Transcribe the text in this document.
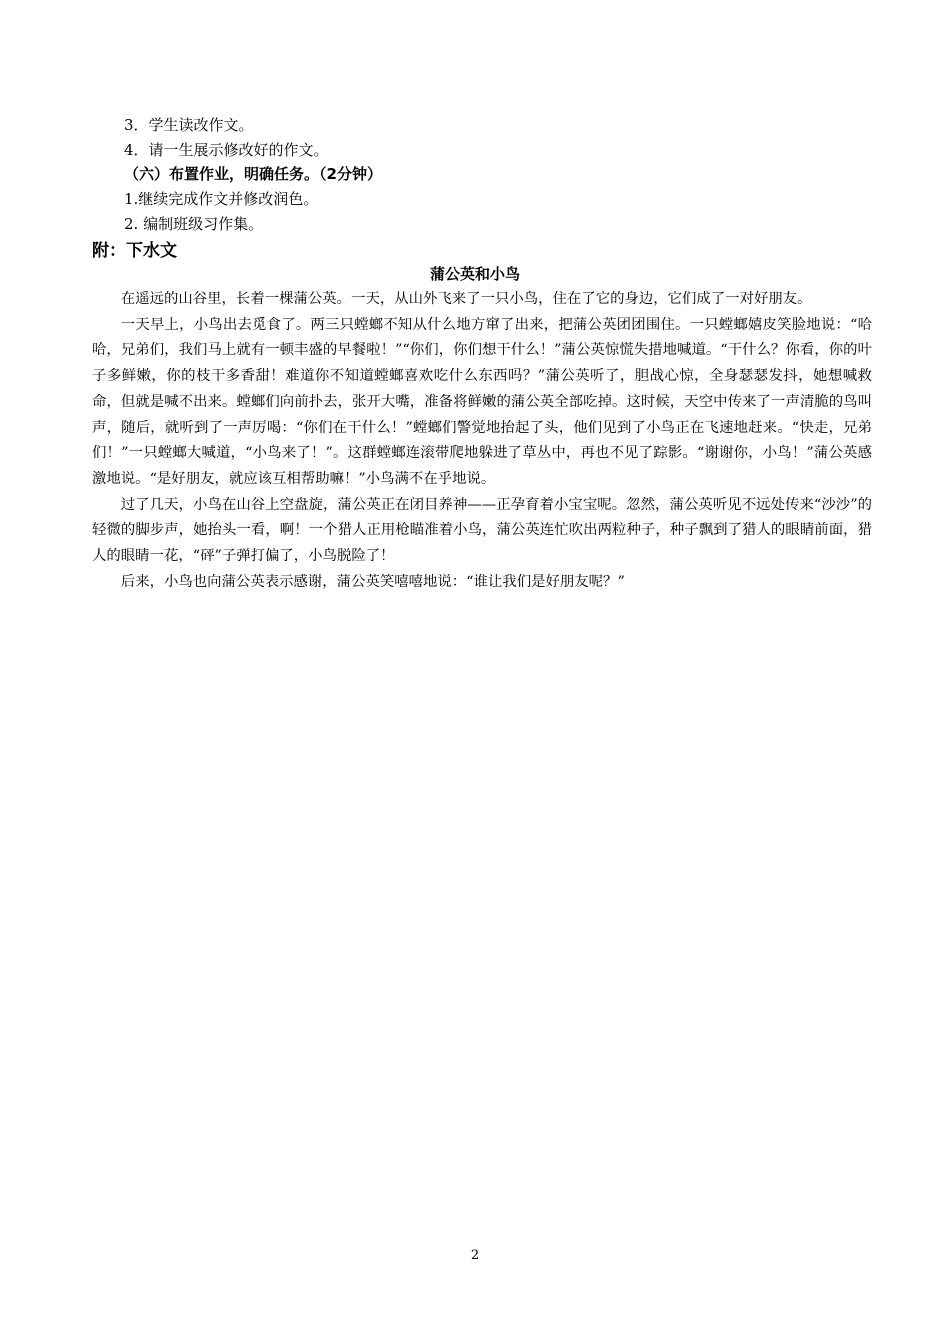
3．学生读改作文。
4．请一生展示修改好的作文。
（六）布置作业，明确任务。（2分钟）
1.继续完成作文并修改润色。
2. 编制班级习作集。
附：下水文
蒲公英和小鸟

在遥远的山谷里，长着一棵蒲公英。一天，从山外飞来了一只小鸟，住在了它的身边，它们成了一对好朋友。

一天早上，小鸟出去觅食了。两三只螳螂不知从什么地方窜了出来，把蒲公英团团围住。一只螳螂嬉皮笑脸地说：“哈哈，兄弟们，我们马上就有一顿丰盛的早餐啦！”“你们，你们想干什么！”蒲公英惊慌失措地喊道。“干什么？你看，你的叶子多鲜嫩，你的枝干多香甜！难道你不知道螳螂喜欢吃什么东西吗？”蒲公英听了，胆战心惊，全身瑟瑟发抖，她想喊救命，但就是喊不出来。螳螂们向前扑去，张开大嘴，准备将鲜嫩的蒲公英全部吃掉。这时候，天空中传来了一声清脆的鸟叫声，随后，就听到了一声厉喝：“你们在干什么！”螳螂们警觉地抬起了头，他们见到了小鸟正在飞速地赶来。“快走，兄弟们！”一只螳螂大喊道，“小鸟来了！”。这群螳螂连滚带爬地躲进了草丛中，再也不见了踪影。“谢谢你，小鸟！”蒲公英感激地说。“是好朋友，就应该互相帮助嘛！”小鸟满不在乎地说。

过了几天，小鸟在山谷上空盘旋，蒲公英正在闭目养神——正孕育着小宝宝呢。忽然，蒲公英听见不远处传来“沙沙”的轻微的脚步声，她抬头一看，啊！一个猎人正用枪瞄准着小鸟，蒲公英连忙吹出两粒种子，种子飘到了猎人的眼睛前面，猎人的眼睛一花，“砰”子弹打偏了，小鸟脱险了！

后来，小鸟也向蒲公英表示感谢，蒲公英笑嘻嘻地说：“谁让我们是好朋友呢？”

2
